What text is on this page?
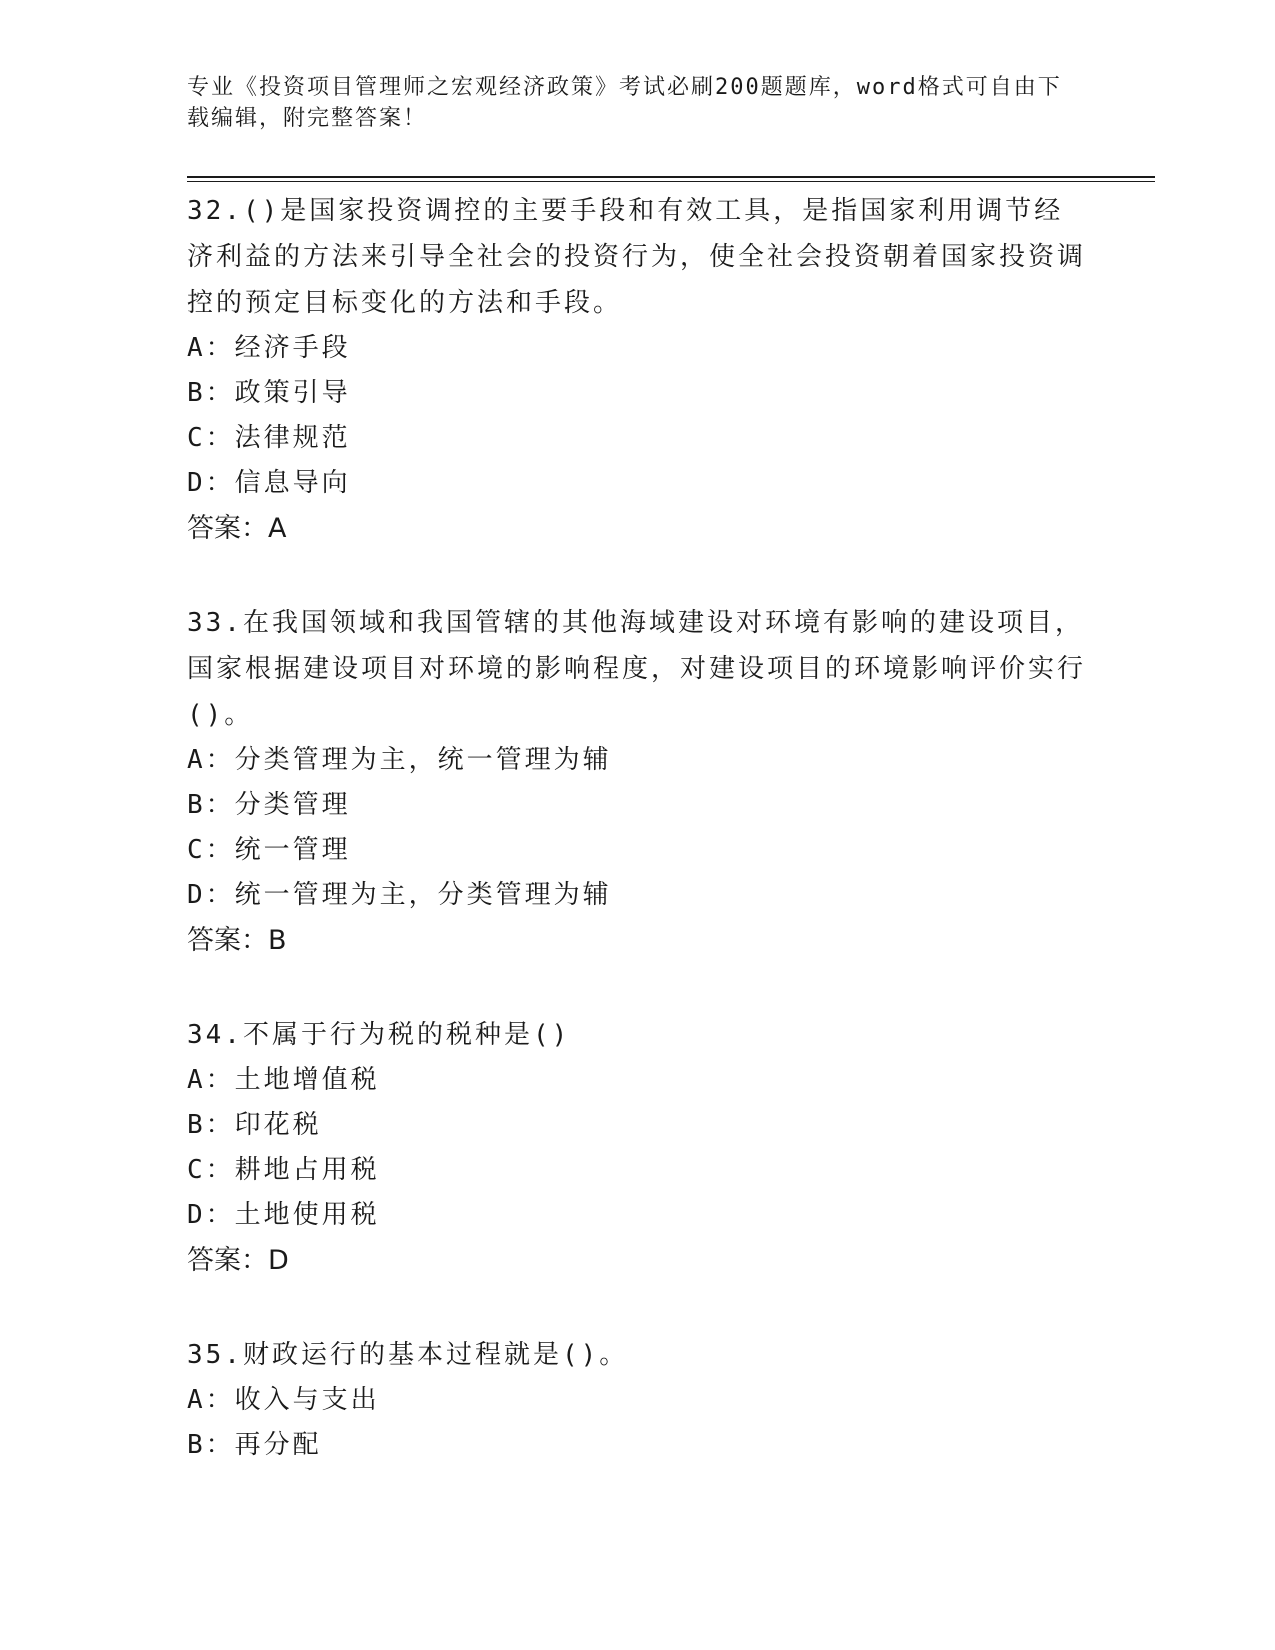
专业《投资项目管理师之宏观经济政策》考试必刷200题题库，word格式可自由下载编辑，附完整答案！

32.()是国家投资调控的主要手段和有效工具，是指国家利用调节经济利益的方法来引导全社会的投资行为，使全社会投资朝着国家投资调控的预定目标变化的方法和手段。

A：经济手段

B：政策引导

C：法律规范

D：信息导向

答案：A

33.在我国领域和我国管辖的其他海域建设对环境有影响的建设项目，国家根据建设项目对环境的影响程度，对建设项目的环境影响评价实行()。

A：分类管理为主，统一管理为辅

B：分类管理

C：统一管理

D：统一管理为主，分类管理为辅

答案：B

34.不属于行为税的税种是()

A：土地增值税

B：印花税

C：耕地占用税

D：土地使用税

答案：D

35.财政运行的基本过程就是()。

A：收入与支出

B：再分配
